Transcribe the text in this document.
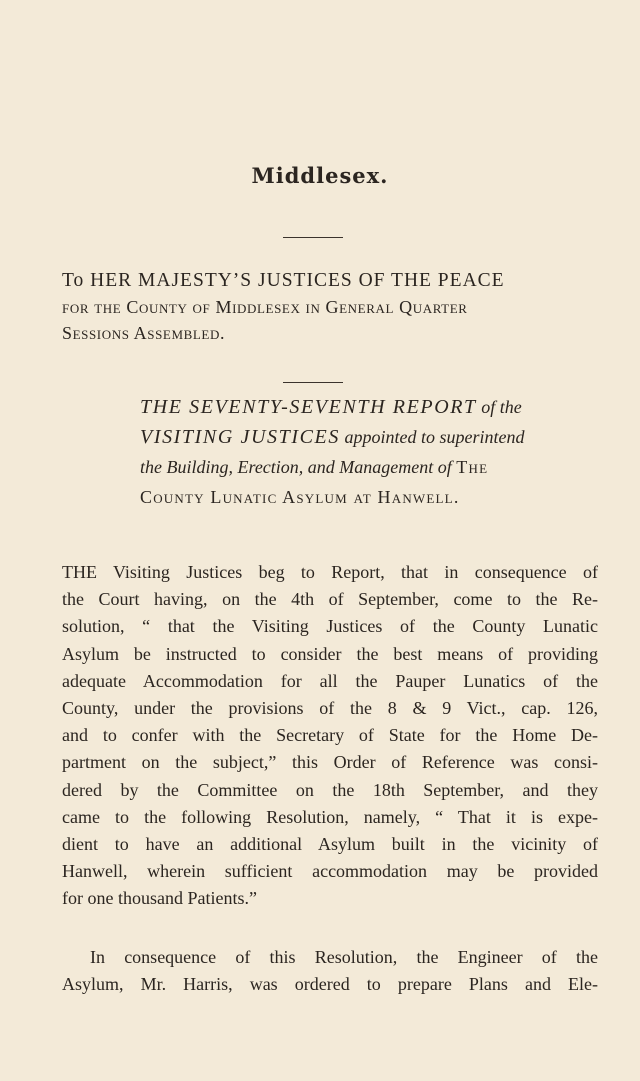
Middlesex.
To HER MAJESTY’S JUSTICES OF THE PEACE
for the County of Middlesex in General Quarter
Sessions Assembled.
THE SEVENTY-SEVENTH REPORT of the
VISITING JUSTICES appointed to superintend
the Building, Erection, and Management of The
County Lunatic Asylum at Hanwell.
THE Visiting Justices beg to Report, that in consequence of
the Court having, on the 4th of September, come to the Re-
solution, “ that the Visiting Justices of the County Lunatic
Asylum be instructed to consider the best means of providing
adequate Accommodation for all the Pauper Lunatics of the
County, under the provisions of the 8 & 9 Vict., cap. 126,
and to confer with the Secretary of State for the Home De-
partment on the subject,” this Order of Reference was consi-
dered by the Committee on the 18th September, and they
came to the following Resolution, namely, “ That it is expe-
dient to have an additional Asylum built in the vicinity of
Hanwell, wherein sufficient accommodation may be provided
for one thousand Patients.”
In consequence of this Resolution, the Engineer of the
Asylum, Mr. Harris, was ordered to prepare Plans and Ele-
